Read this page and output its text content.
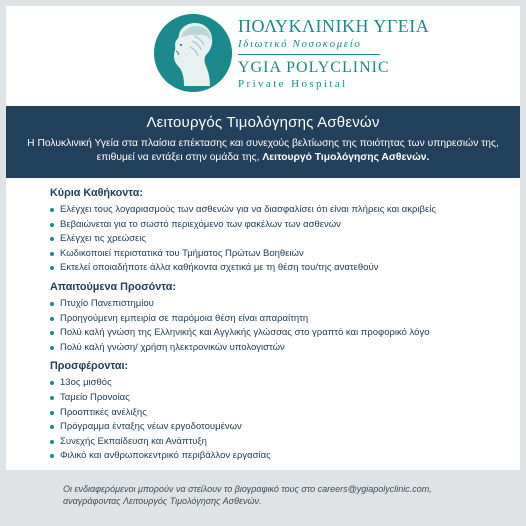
ΠΟΛΥΚΛΙΝΙΚΗ ΥΓΕΙΑ
Ιδιωτικό Νοσοκομείο
YGIA POLYCLINIC
Private Hospital
Λειτουργός Τιμολόγησης Ασθενών
Η Πολυκλινική Υγεία στα πλαίσια επέκτασης και συνεχούς βελτίωσης της ποιότητας των υπηρεσιών της, επιθυμεί να εντάξει στην ομάδα της, Λειτουργό Τιμολόγησης Ασθενών.
Κύρια Καθήκοντα:
Ελέγχει τους λογαριασμούς των ασθενών για να διασφαλίσει ότι είναι πλήρεις και ακριβείς
Βεβαιώνεται για το σωστό περιεχόμενο των φακέλων των ασθενών
Ελέγχει τις χρεώσεις
Κωδικοποιεί περιστατικά του Τμήματος Πρώτων Βοηθειών
Εκτελεί οποιαδήποτε άλλα καθήκοντα σχετικά με τη θέση του/της ανατεθούν
Απαιτούμενα Προσόντα:
Πτυχίο Πανεπιστημίου
Προηγούμενη εμπειρία σε παρόμοια θέση είναι απαραίτητη
Πολύ καλή γνώση της Ελληνικής και Αγγλικής γλώσσας στο γραπτό και προφορικό λόγο
Πολύ καλή γνώση/ χρήση ηλεκτρονικών υπολογιστών
Προσφέρονται:
13ος μισθός
Ταμείο Προνοίας
Προοπτικές ανέλιξης
Πρόγραμμα ένταξης νέων εργοδοτουμένων
Συνεχής Εκπαίδευση και Ανάπτυξη
Φιλικό και ανθρωποκεντρικό περιβάλλον εργασίας

Οι ενδιαφερόμενοι μπορούν να στείλουν το βιογραφικό τους στο careers@ygiapolyclinic.com,

αναγράφοντας Λειτουργός Τιμολόγησης Ασθενών.
